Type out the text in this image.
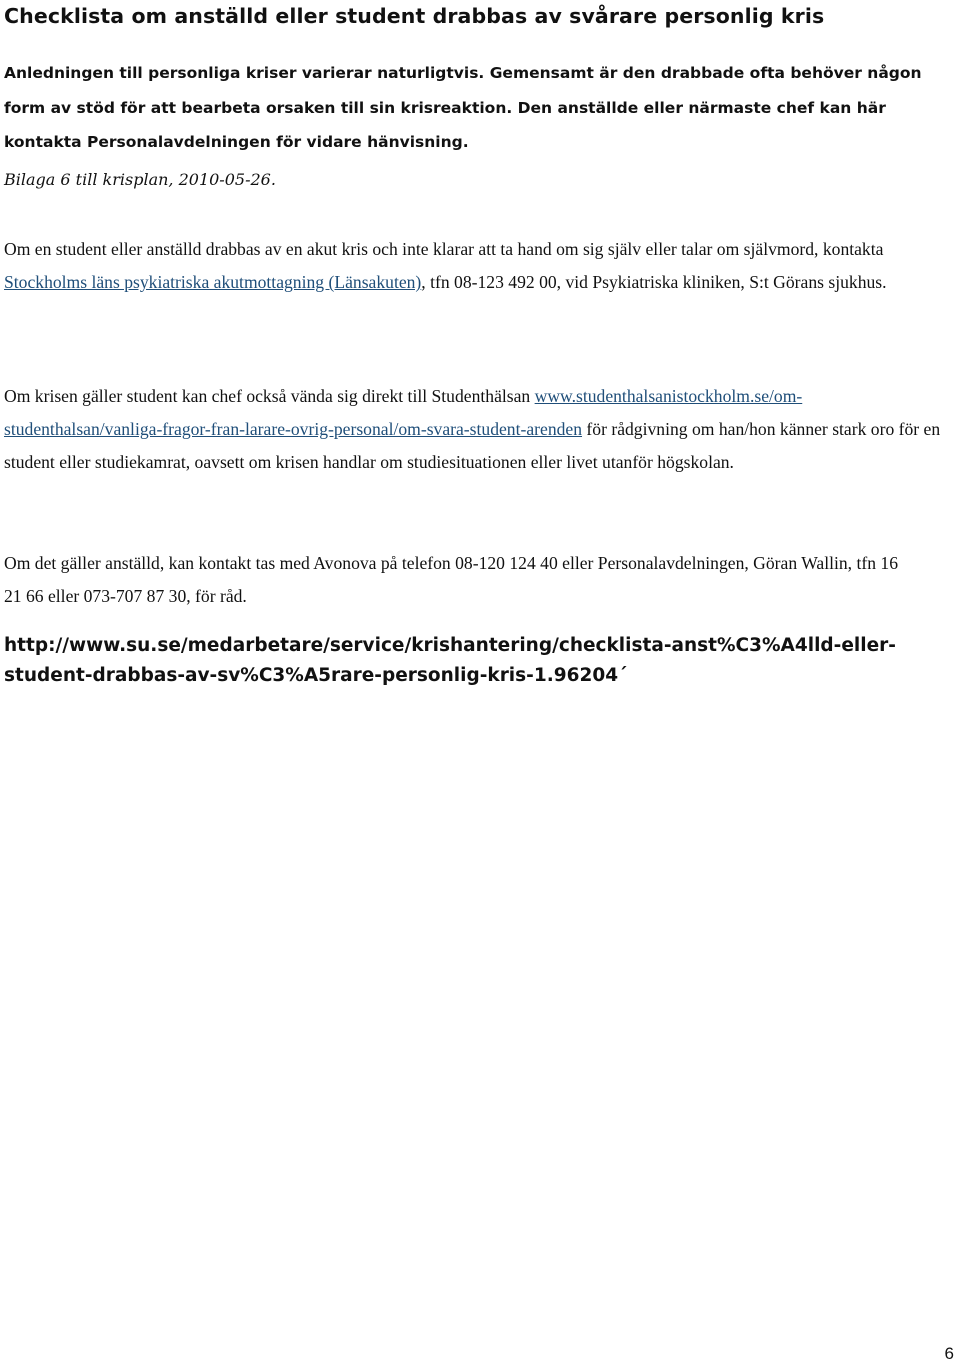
Checklista om anställd eller student drabbas av svårare personlig kris
Anledningen till personliga kriser varierar naturligtvis. Gemensamt är den drabbade ofta behöver någon form av stöd för att bearbeta orsaken till sin krisreaktion. Den anställde eller närmaste chef kan här kontakta Personalavdelningen för vidare hänvisning.
Bilaga 6 till krisplan, 2010-05-26.
Om en student eller anställd drabbas av en akut kris och inte klarar att ta hand om sig själv eller talar om självmord, kontakta Stockholms läns psykiatriska akutmottagning (Länsakuten), tfn 08-123 492 00, vid Psykiatriska kliniken, S:t Görans sjukhus.
Om krisen gäller student kan chef också vända sig direkt till Studenthälsan www.studenthalsanistockholm.se/om-studenthalsan/vanliga-fragor-fran-larare-ovrig-personal/om-svara-student-arenden för rådgivning om han/hon känner stark oro för en student eller studiekamrat, oavsett om krisen handlar om studiesituationen eller livet utanför högskolan.
Om det gäller anställd, kan kontakt tas med Avonova på telefon 08-120 124 40 eller Personalavdelningen, Göran Wallin, tfn 16 21 66 eller 073-707 87 30, för råd.
http://www.su.se/medarbetare/service/krishantering/checklista-anst%C3%A4lld-eller-student-drabbas-av-sv%C3%A5rare-personlig-kris-1.96204´
6
